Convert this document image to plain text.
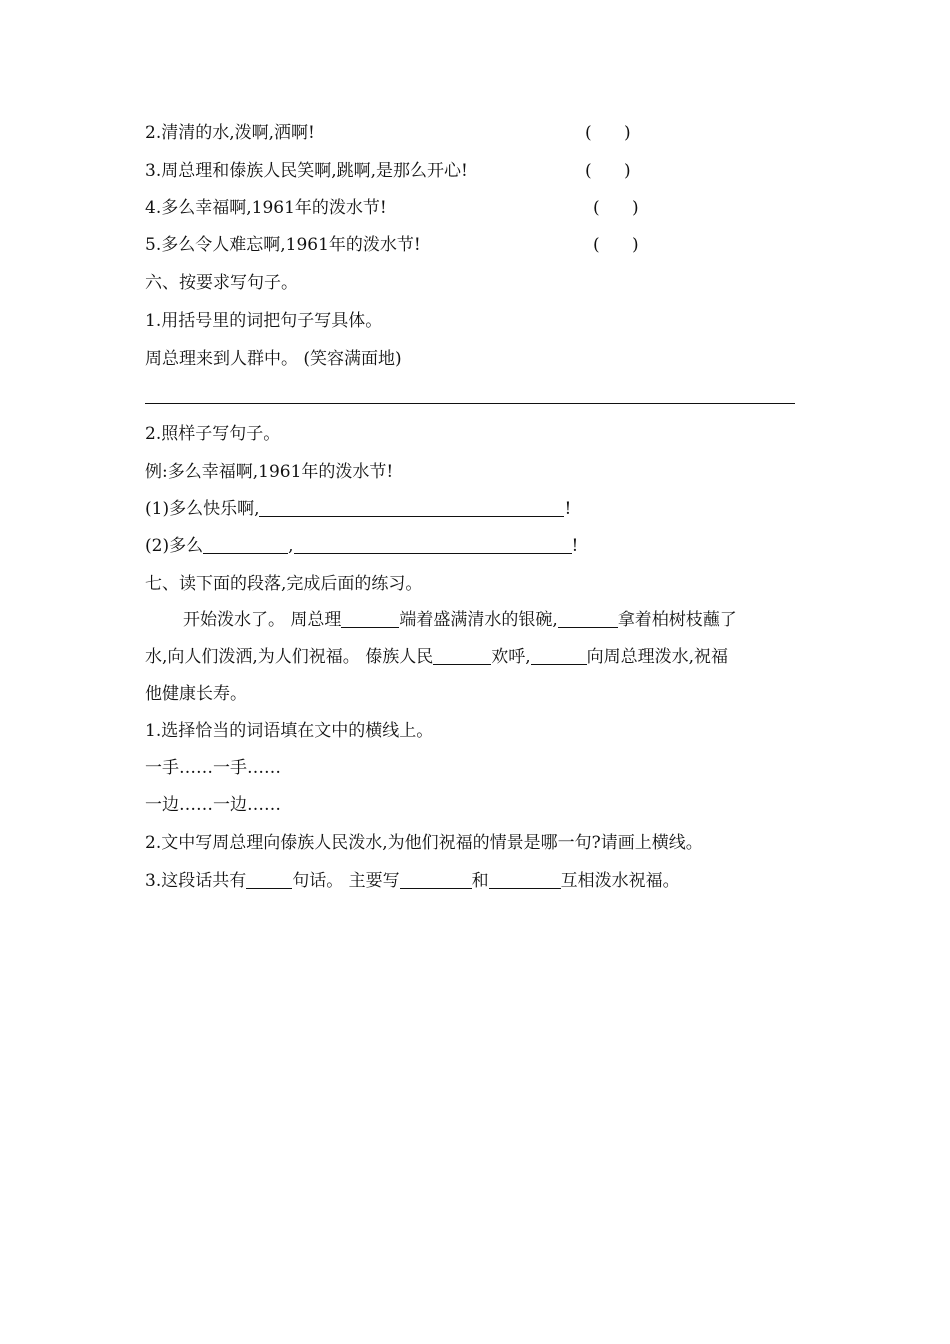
2.清清的水,泼啊,洒啊!	(      )
3.周总理和傣族人民笑啊,跳啊,是那么开心!	(      )
4.多么幸福啊,1961年的泼水节!	(      )
5.多么令人难忘啊,1961年的泼水节!	(      )
六、按要求写句子。
1.用括号里的词把句子写具体。
周总理来到人群中。 (笑容满面地)
2.照样子写句子。
例:多么幸福啊,1961年的泼水节!
(1)多么快乐啊,	!
(2)多么	,	!
七、读下面的段落,完成后面的练习。
开始泼水了。 周总理	端着盛满清水的银碗,	拿着柏树枝蘸了
水,向人们泼洒,为人们祝福。 傣族人民	欢呼,	向周总理泼水,祝福
他健康长寿。
1.选择恰当的词语填在文中的横线上。
一手……一手……
一边……一边……
2.文中写周总理向傣族人民泼水,为他们祝福的情景是哪一句?请画上横线。
3.这段话共有	句话。 主要写	和	互相泼水祝福。
